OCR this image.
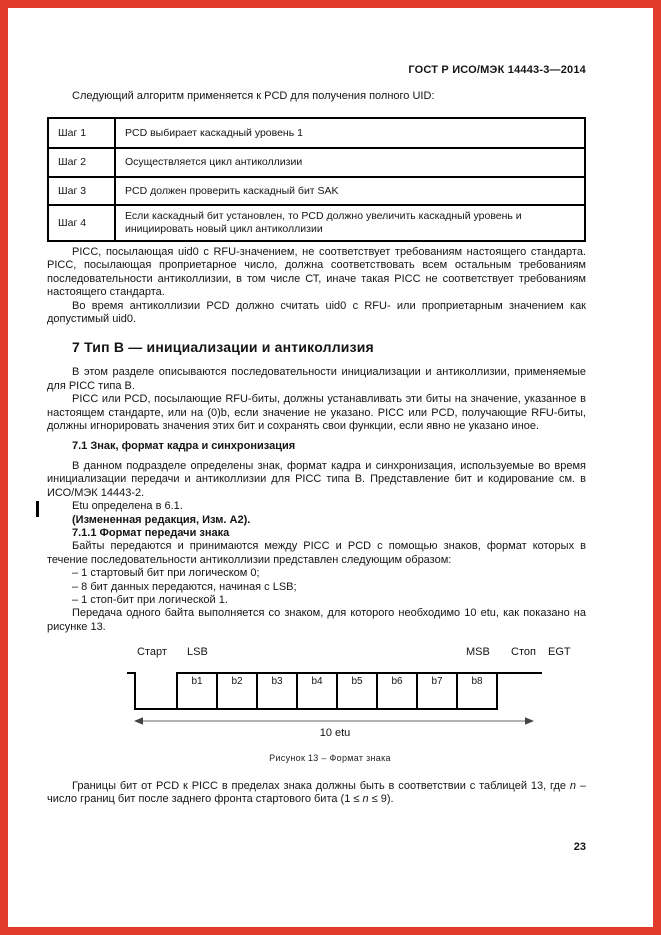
ГОСТ Р ИСО/МЭК 14443-3—2014
Следующий алгоритм применяется к PCD для получения полного UID:
Шаг 1	PCD выбирает каскадный уровень 1
Шаг 2	Осуществляется цикл антиколлизии
Шаг 3	PCD должен проверить каскадный бит SAK
Шаг 4	Если каскадный бит установлен, то PCD должно увеличить каскадный уровень и инициировать новый цикл антиколлизии

PICC, посылающая uid0 с RFU-значением, не соответствует требованиям настоящего стандарта. PICC, посылающая проприетарное число, должна соответствовать всем остальным требованиям последовательности антиколлизии, в том числе СТ, иначе такая PICC не соответствует требованиям настоящего стандарта.

Во время антиколлизии PCD должно считать uid0 с RFU- или проприетарным значением как допустимый uid0.

7 Тип В — инициализации и антиколлизия

В этом разделе описываются последовательности инициализации и антиколлизии, применяемые для PICC типа В.

PICC или PCD, посылающие RFU-биты, должны устанавливать эти биты на значение, указанное в настоящем стандарте, или на (0)b, если значение не указано. PICC или PCD, получающие RFU-биты, должны игнорировать значения этих бит и сохранять свои функции, если явно не указано иное.

7.1 Знак, формат кадра и синхронизация

В данном подразделе определены знак, формат кадра и синхронизация, используемые во время инициализации передачи и антиколлизии для PICC типа В. Представление бит и кодирование см. в ИСО/МЭК 14443-2.

Etu определена в 6.1.

(Измененная редакция, Изм. А2).

7.1.1 Формат передачи знака

Байты передаются и принимаются между PICC и PCD с помощью знаков, формат которых в течение последовательности антиколлизии представлен следующим образом:

– 1 стартовый бит при логическом 0;

– 8 бит данных передаются, начиная с LSB;

– 1 стоп-бит при логической 1.

Передача одного байта выполняется со знаком, для которого необходимо 10 etu, как показано на рисунке 13.

Старт LSB	MSB Стоп EGT
b1	b2	b3	b4	b5	b6	b7	b8
10 etu
Рисунок 13 – Формат знака
Границы бит от PCD к PICC в пределах знака должны быть в соответствии с таблицей 13, где n – число границ бит после заднего фронта стартового бита (1 ≤ n ≤ 9).
23
